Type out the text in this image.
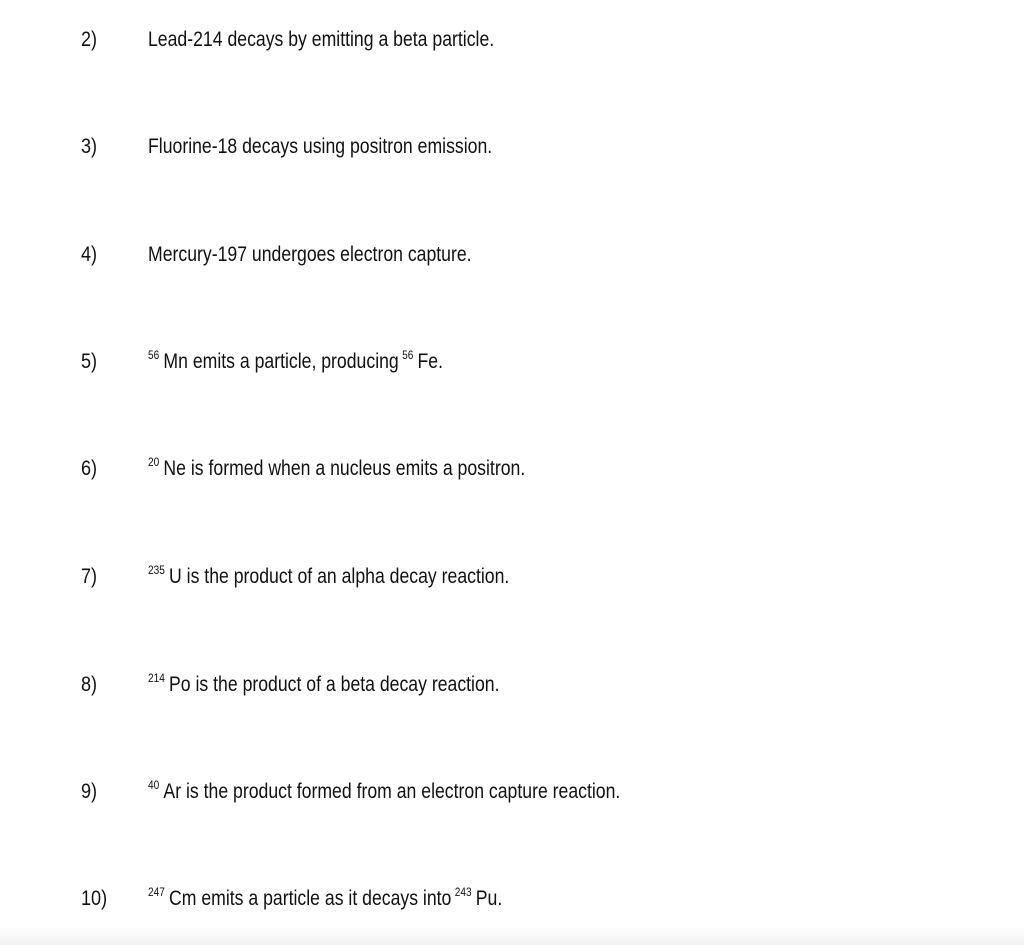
2) Lead-214 decays by emitting a beta particle.
3) Fluorine-18 decays using positron emission.
4) Mercury-197 undergoes electron capture.
5)	$^{56}$ Mn emits a particle, producing $^{56}$ Fe.
6)	$^{20}$ Ne is formed when a nucleus emits a positron.
7)	$^{235}$ U is the product of an alpha decay reaction.
8)	$^{214}$ Po is the product of a beta decay reaction.
9)	$^{40}$ Ar is the product formed from an electron capture reaction.
10)	$^{247}$ Cm emits a particle as it decays into $^{243}$ Pu.
